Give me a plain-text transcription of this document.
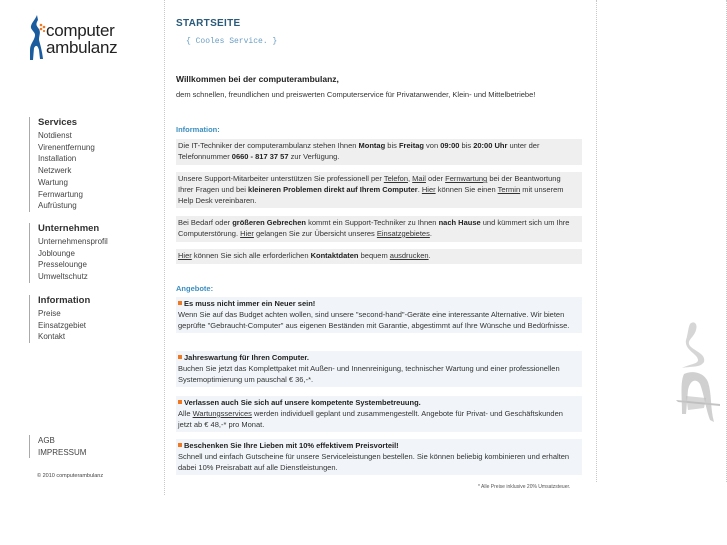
computer
ambulanz
Services
Notdienst
Virenentfernung
Installation
Netzwerk
Wartung
Fernwartung
Aufrüstung
Unternehmen
Unternehmensprofil
Joblounge
Presselounge
Umweltschutz
Information
Preise
Einsatzgebiet
Kontakt
AGB
IMPRESSUM
© 2010 computerambulanz
STARTSEITE
{ Cooles Service. }
Willkommen bei der computerambulanz,
dem schnellen, freundlichen und preiswerten Computerservice für Privatanwender, Klein- und Mittelbetriebe!
Information:
Die IT-Techniker der computerambulanz stehen Ihnen Montag bis Freitag von 09:00 bis 20:00 Uhr unter der Telefonnummer 0660 - 817 37 57 zur Verfügung.
Unsere Support-Mitarbeiter unterstützen Sie professionell per Telefon, Mail oder Fernwartung bei der Beantwortung Ihrer Fragen und bei kleineren Problemen direkt auf Ihrem Computer. Hier können Sie einen Termin mit unserem Help Desk vereinbaren.
Bei Bedarf oder größeren Gebrechen kommt ein Support-Techniker zu Ihnen nach Hause und kümmert sich um Ihre Computerstörung. Hier gelangen Sie zur Übersicht unseres Einsatzgebietes.
Hier können Sie sich alle erforderlichen Kontaktdaten bequem ausdrucken.
Angebote:
Es muss nicht immer ein Neuer sein!
Wenn Sie auf das Budget achten wollen, sind unsere "second-hand"-Geräte eine interessante Alternative. Wir bieten geprüfte "Gebraucht-Computer" aus eigenen Beständen mit Garantie, abgestimmt auf Ihre Wünsche und Bedürfnisse.
Jahreswartung für Ihren Computer.
Buchen Sie jetzt das Komplettpaket mit Außen- und Innenreinigung, technischer Wartung und einer professionellen Systemoptimierung um pauschal € 36,-*.
Verlassen auch Sie sich auf unsere kompetente Systembetreuung.
Alle Wartungsservices werden individuell geplant und zusammengestellt. Angebote für Privat- und Geschäftskunden jetzt ab € 48,-* pro Monat.
Beschenken Sie Ihre Lieben mit 10% effektivem Preisvorteil!
Schnell und einfach Gutscheine für unsere Serviceleistungen bestellen. Sie können beliebig kombinieren und erhalten dabei 10% Preisrabatt auf alle Dienstleistungen.
* Alle Preise inklusive 20% Umsatzsteuer.
